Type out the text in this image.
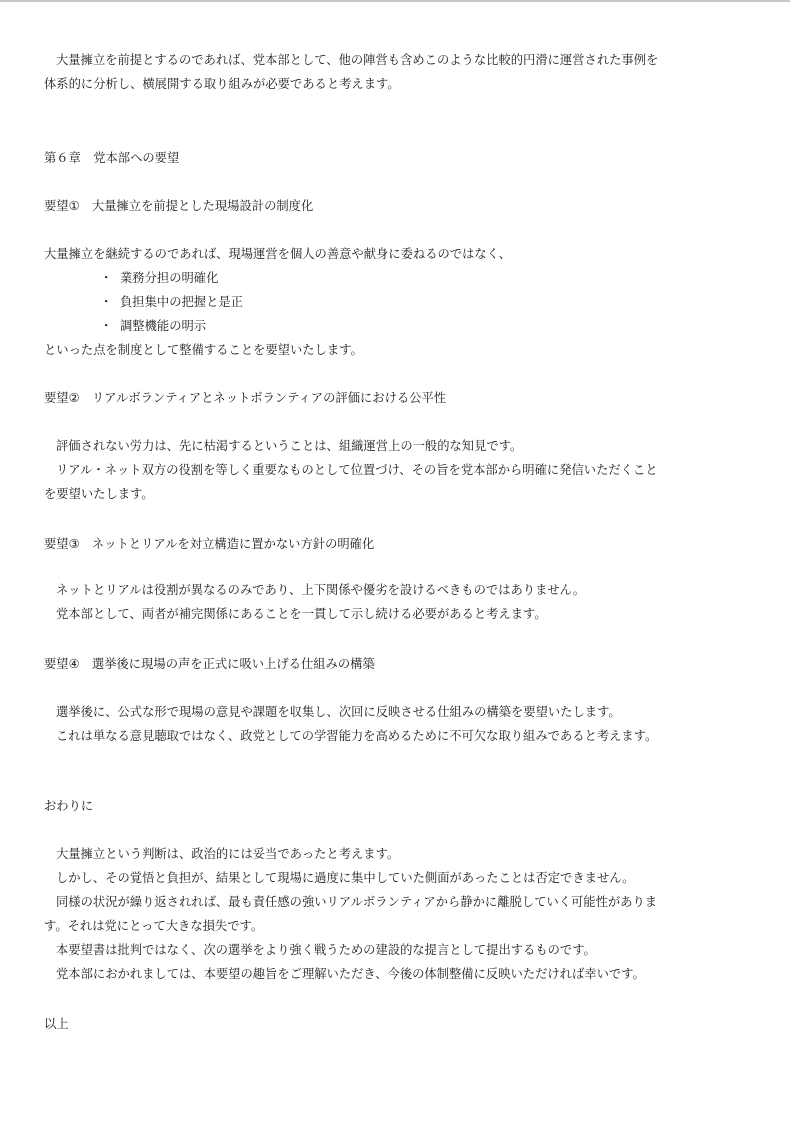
大量擁立を前提とするのであれば、党本部として、他の陣営も含めこのような比較的円滑に運営された事例を
体系的に分析し、横展開する取り組みが必要であると考えます。
第６章　党本部への要望
要望①　大量擁立を前提とした現場設計の制度化
大量擁立を継続するのであれば、現場運営を個人の善意や献身に委ねるのではなく、
・ 業務分担の明確化
・ 負担集中の把握と是正
・ 調整機能の明示
といった点を制度として整備することを要望いたします。
要望②　リアルボランティアとネットボランティアの評価における公平性
評価されない労力は、先に枯渇するということは、組織運営上の一般的な知見です。
リアル・ネット双方の役割を等しく重要なものとして位置づけ、その旨を党本部から明確に発信いただくこと
を要望いたします。
要望③　ネットとリアルを対立構造に置かない方針の明確化
ネットとリアルは役割が異なるのみであり、上下関係や優劣を設けるべきものではありません。
党本部として、両者が補完関係にあることを一貫して示し続ける必要があると考えます。
要望④　選挙後に現場の声を正式に吸い上げる仕組みの構築
選挙後に、公式な形で現場の意見や課題を収集し、次回に反映させる仕組みの構築を要望いたします。
これは単なる意見聴取ではなく、政党としての学習能力を高めるために不可欠な取り組みであると考えます。
おわりに
大量擁立という判断は、政治的には妥当であったと考えます。
しかし、その覚悟と負担が、結果として現場に過度に集中していた側面があったことは否定できません。
同様の状況が繰り返されれば、最も責任感の強いリアルボランティアから静かに離脱していく可能性がありま
す。それは党にとって大きな損失です。
本要望書は批判ではなく、次の選挙をより強く戦うための建設的な提言として提出するものです。
党本部におかれましては、本要望の趣旨をご理解いただき、今後の体制整備に反映いただければ幸いです。
以上
